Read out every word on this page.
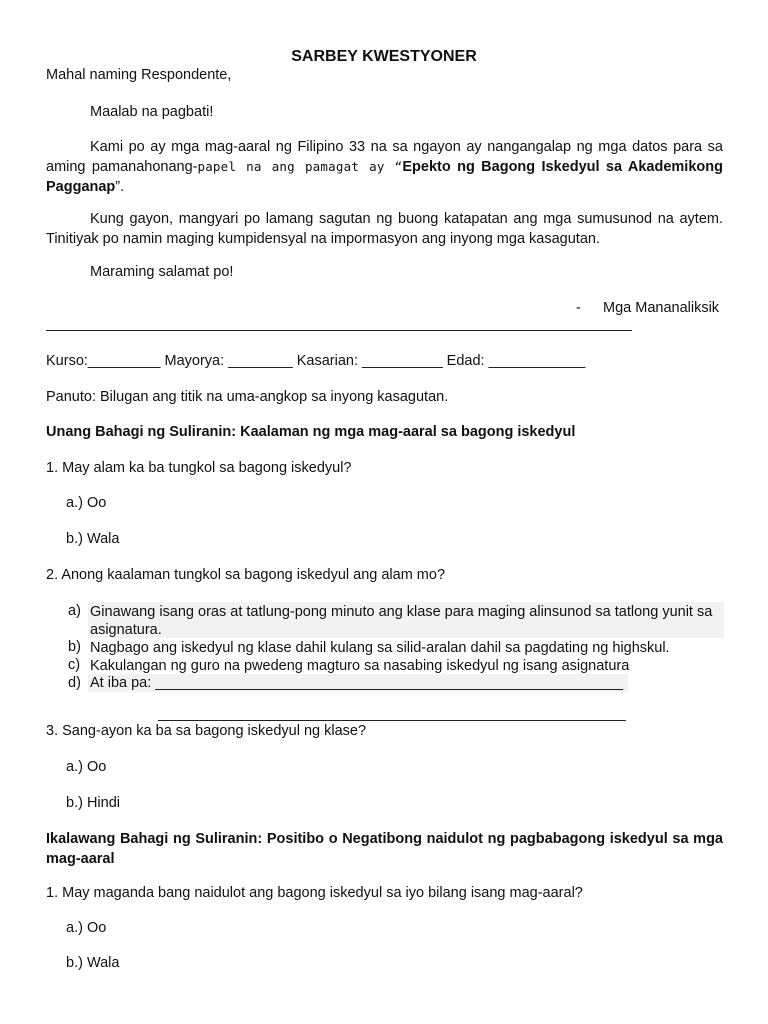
SARBEY KWESTYONER
Mahal naming Respondente,
Maalab na pagbati!
Kami po ay mga mag-aaral ng Filipino 33 na sa ngayon ay nangangalap ng mga datos para sa
aming pamanahonang-papel na ang pamagat ay “Epekto ng Bagong Iskedyul sa Akademikong
Pagganap”.
Kung gayon, mangyari po lamang sagutan ng buong katapatan ang mga sumusunod na aytem. Tinitiyak po namin maging kumpidensyal na impormasyon ang inyong mga kasagutan.
Maraming salamat po!
- Mga Mananaliksik
Kurso:_________ Mayorya: ________ Kasarian: __________ Edad: ____________
Panuto: Bilugan ang titik na uma-angkop sa inyong kasagutan.
Unang Bahagi ng Suliranin: Kaalaman ng mga mag-aaral sa bagong iskedyul
1. May alam ka ba tungkol sa bagong iskedyul?
a.) Oo
b.) Wala
2. Anong kaalaman tungkol sa bagong iskedyul ang alam mo?
a) Ginawang isang oras at tatlung-pong minuto ang klase para maging alinsunod sa tatlong yunit sa asignatura.
b) Nagbago ang iskedyul ng klase dahil kulang sa silid-aralan dahil sa pagdating ng highskul.
c) Kakulangan ng guro na pwedeng magturo sa nasabing iskedyul ng isang asignatura
d) At iba pa: __________________________________________________________
__________________________________________________________
3. Sang-ayon ka ba sa bagong iskedyul ng klase?
a.) Oo
b.) Hindi
Ikalawang Bahagi ng Suliranin: Positibo o Negatibong naidulot ng pagbabagong iskedyul sa mga mag-aaral
1. May maganda bang naidulot ang bagong iskedyul sa iyo bilang isang mag-aaral?
a.) Oo
b.) Wala
